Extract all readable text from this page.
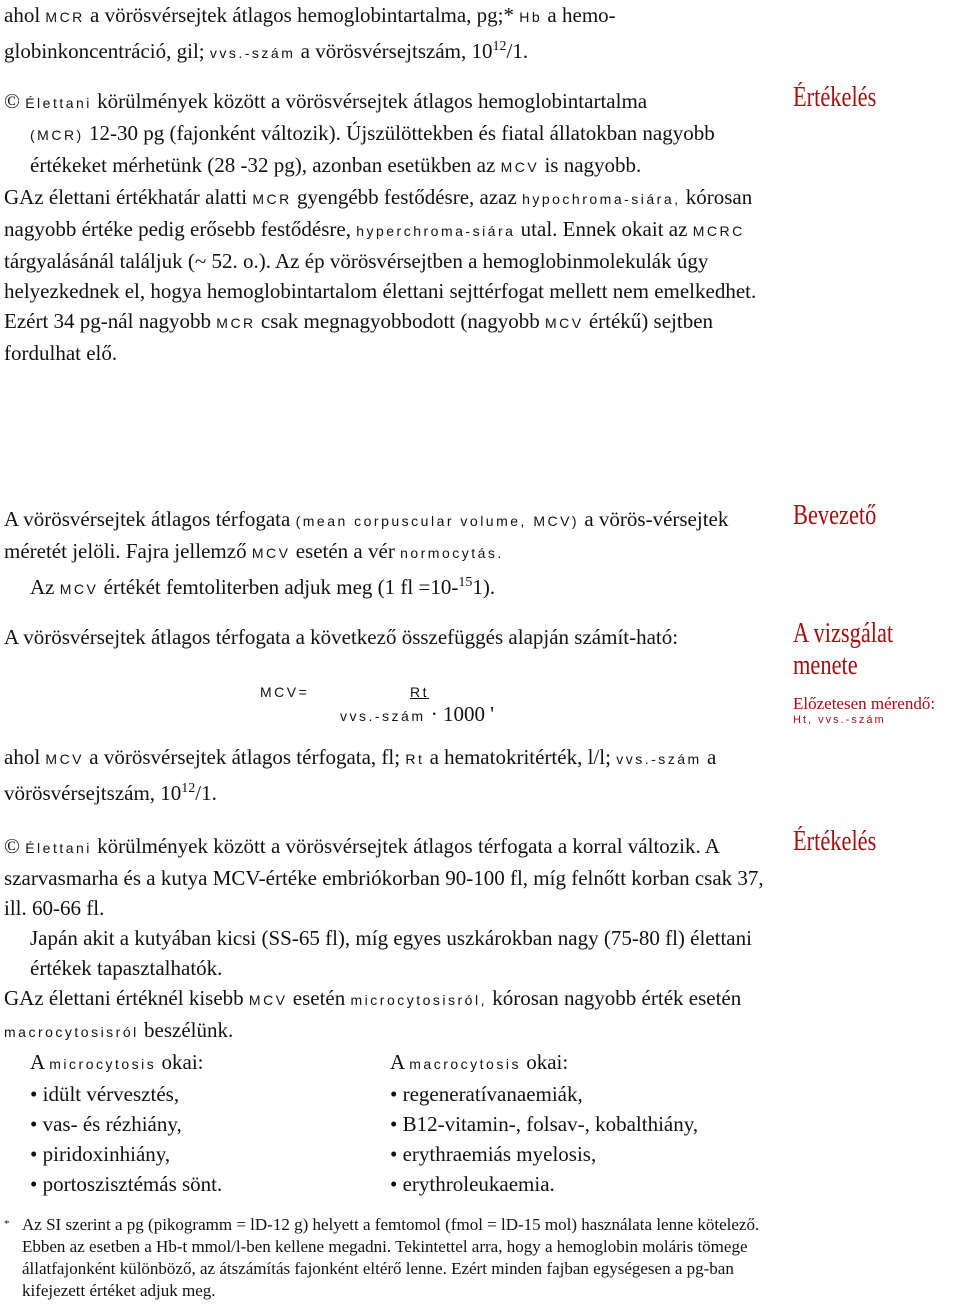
ahol MCR a vörösvérsejtek átlagos hemoglobintartalma, pg;* Hb a hemo-

globinkoncentráció, gil; vvs.-szám a vörösvérsejtszám, $10^{12}/1$.

© Élettani körülmények között a vörösvérsejtek átlagos hemoglobintartalma

(MCR) 12-30 pg (fajonként változik). Újszülöttekben és fiatal állatokban nagyobb értékeket mérhetünk (28 -32 pg), azonban esetükben az MCV is nagyobb.

GAz élettani értékhatár alatti MCR gyengébb festődésre, azaz hypochroma-siára, kórosan nagyobb értéke pedig erősebb festődésre, hyperchroma-siára utal. Ennek okait az MCRC tárgyalásánál találjuk (~ 52. o.). Az ép vörösvérsejtben a hemoglobinmolekulák úgy helyezkednek el, hogya hemoglobintartalom élettani sejttérfogat mellett nem emelkedhet. Ezért 34 pg-nál nagyobb MCR csak megnagyobbodott (nagyobb MCV értékű) sejtben fordulhat elő.

A vörösvérsejtek átlagos térfogata (mean corpuscular volume, MCV) a vörös-vérsejtek méretét jelöli. Fajra jellemző MCV esetén a vér normocytás.

Az MCV értékét femtoliterben adjuk meg (1 fl =10-$^{15}$1).

A vörösvérsejtek átlagos térfogata a következő összefüggés alapján számít-ható:

MCV=	Rt
vvs.-szám · 1000 '

ahol MCV a vörösvérsejtek átlagos térfogata, fl; Rt a hematokritérték, l/l; vvs.-szám a vörösvérsejtszám, $10^{12}/1$.

© Élettani körülmények között a vörösvérsejtek átlagos térfogata a korral változik. A szarvasmarha és a kutya MCV-értéke embriókorban 90-100 fl, míg felnőtt korban csak 37, ill. 60-66 fl.

Japán akit a kutyában kicsi (SS-65 fl), míg egyes uszkárokban nagy (75-80 fl) élettani értékek tapasztalhatók.

GAz élettani értéknél kisebb MCV esetén microcytosisról, kórosan nagyobb érték esetén macrocytosisról beszélünk.

A microcytosis okai:

• idült vérvesztés,
• vas- és rézhiány,
• piridoxinhiány,
• portoszisztémás sönt.

A macrocytosis okai:

• regeneratívanaemiák,
• B12-vitamin-, folsav-, kobalthiány,
• erythraemiás myelosis,
• erythroleukaemia.
Értékelés
Bevezető
A vizsgálat menete
Előzetesen mérendő:
Ht, vvs.-szám
Értékelés
* Az SI szerint a pg (pikogramm = lD-12 g) helyett a femtomol (fmol = lD-15 mol) használata lenne kötelező. Ebben az esetben a Hb-t mmol/l-ben kellene megadni. Tekintettel arra, hogy a hemoglobin moláris tömege állatfajonként különböző, az átszámítás fajonként eltérő lenne. Ezért minden fajban egységesen a pg-ban kifejezett értéket adjuk meg.
